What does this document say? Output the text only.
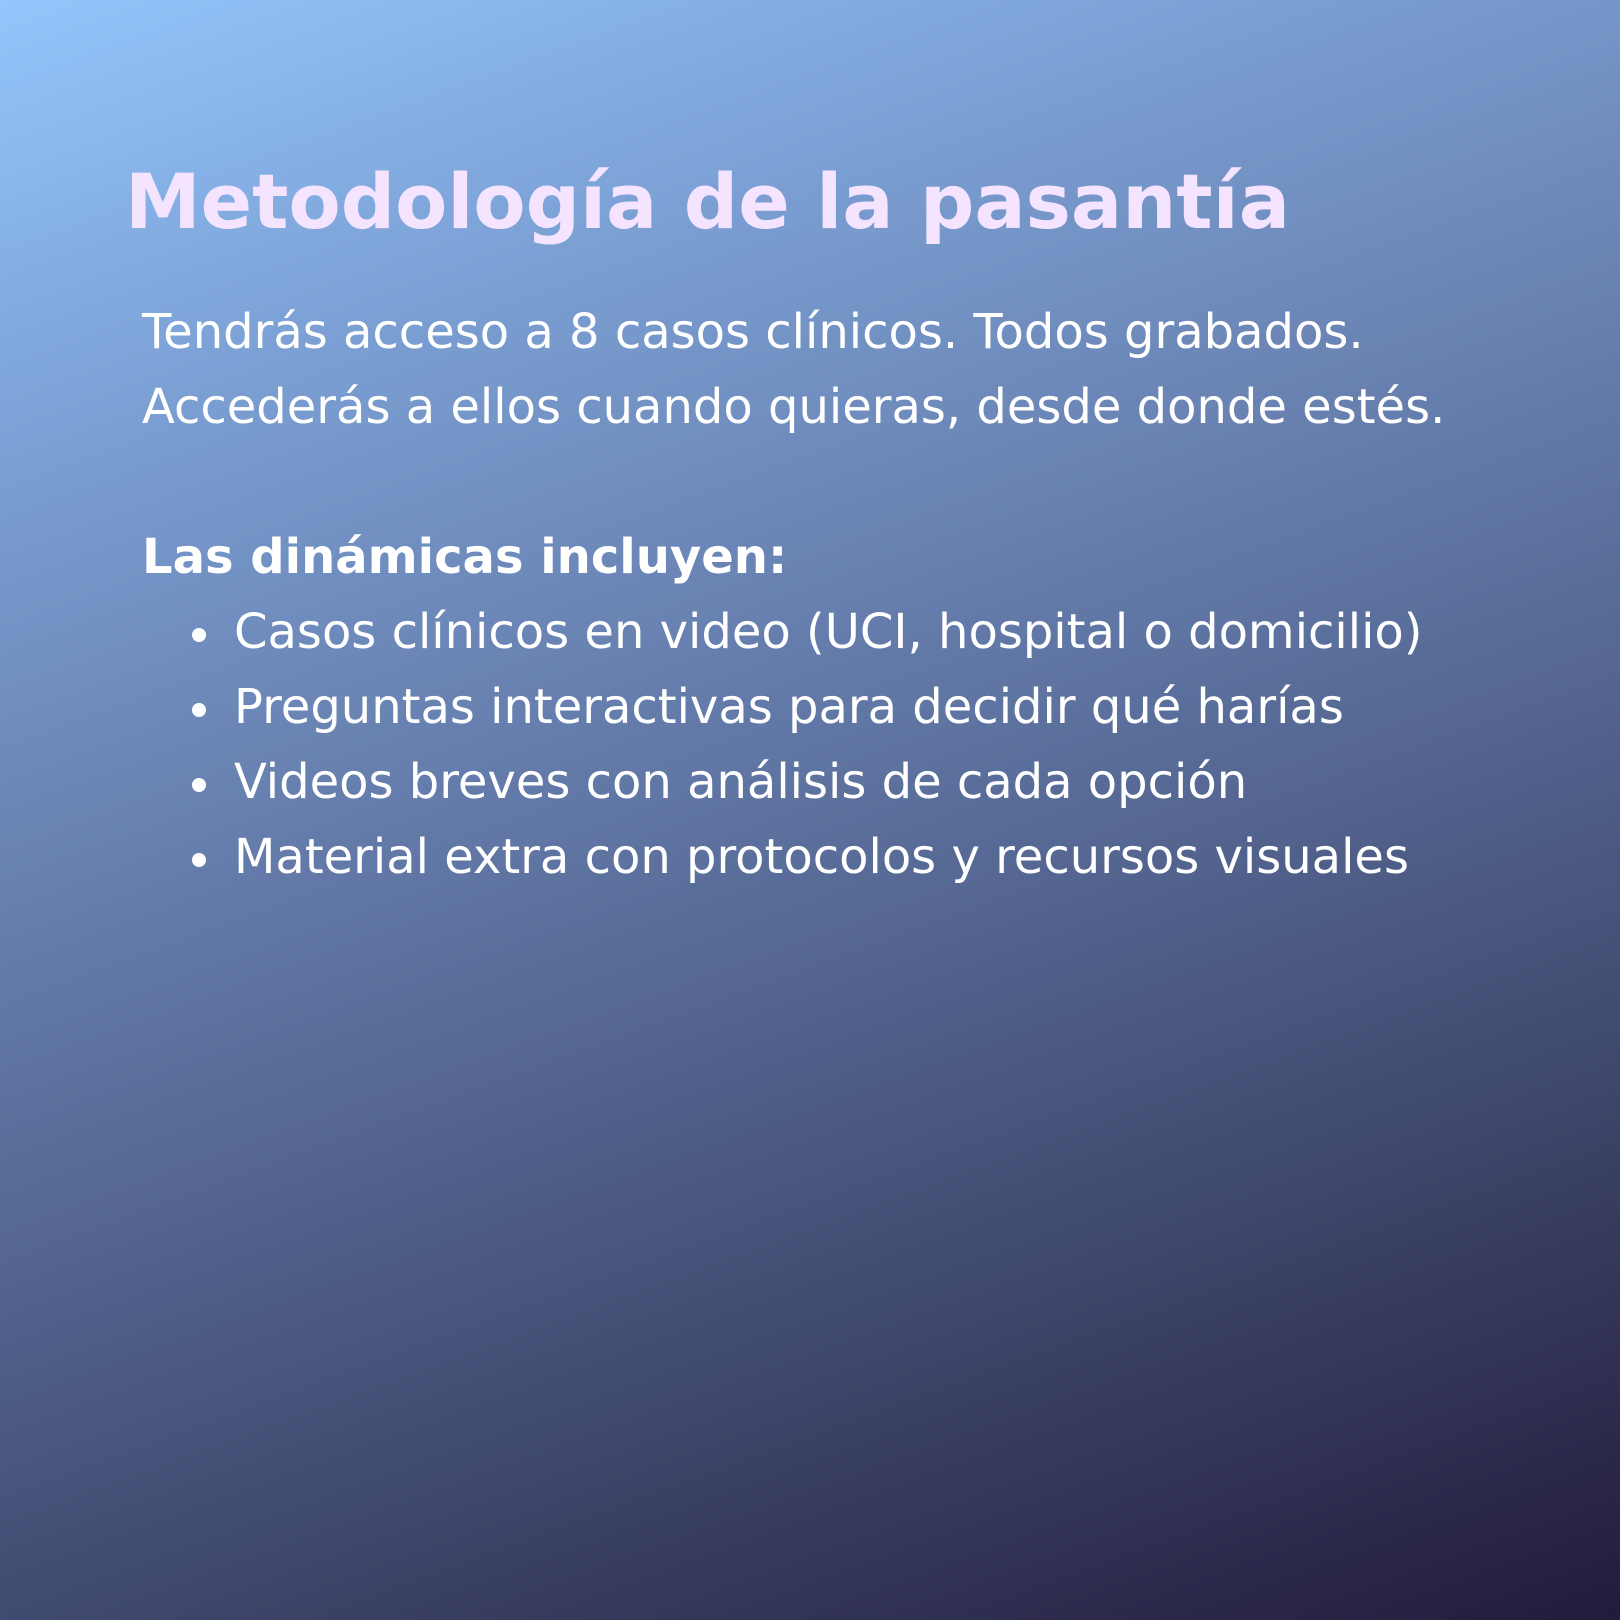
Metodología de la pasantía

Tendrás acceso a 8 casos clínicos. Todos grabados. Accederás a ellos cuando quieras, desde donde estés.

Las dinámicas incluyen:

Casos clínicos en video (UCI, hospital o domicilio)
Preguntas interactivas para decidir qué harías
Videos breves con análisis de cada opción
Material extra con protocolos y recursos visuales
